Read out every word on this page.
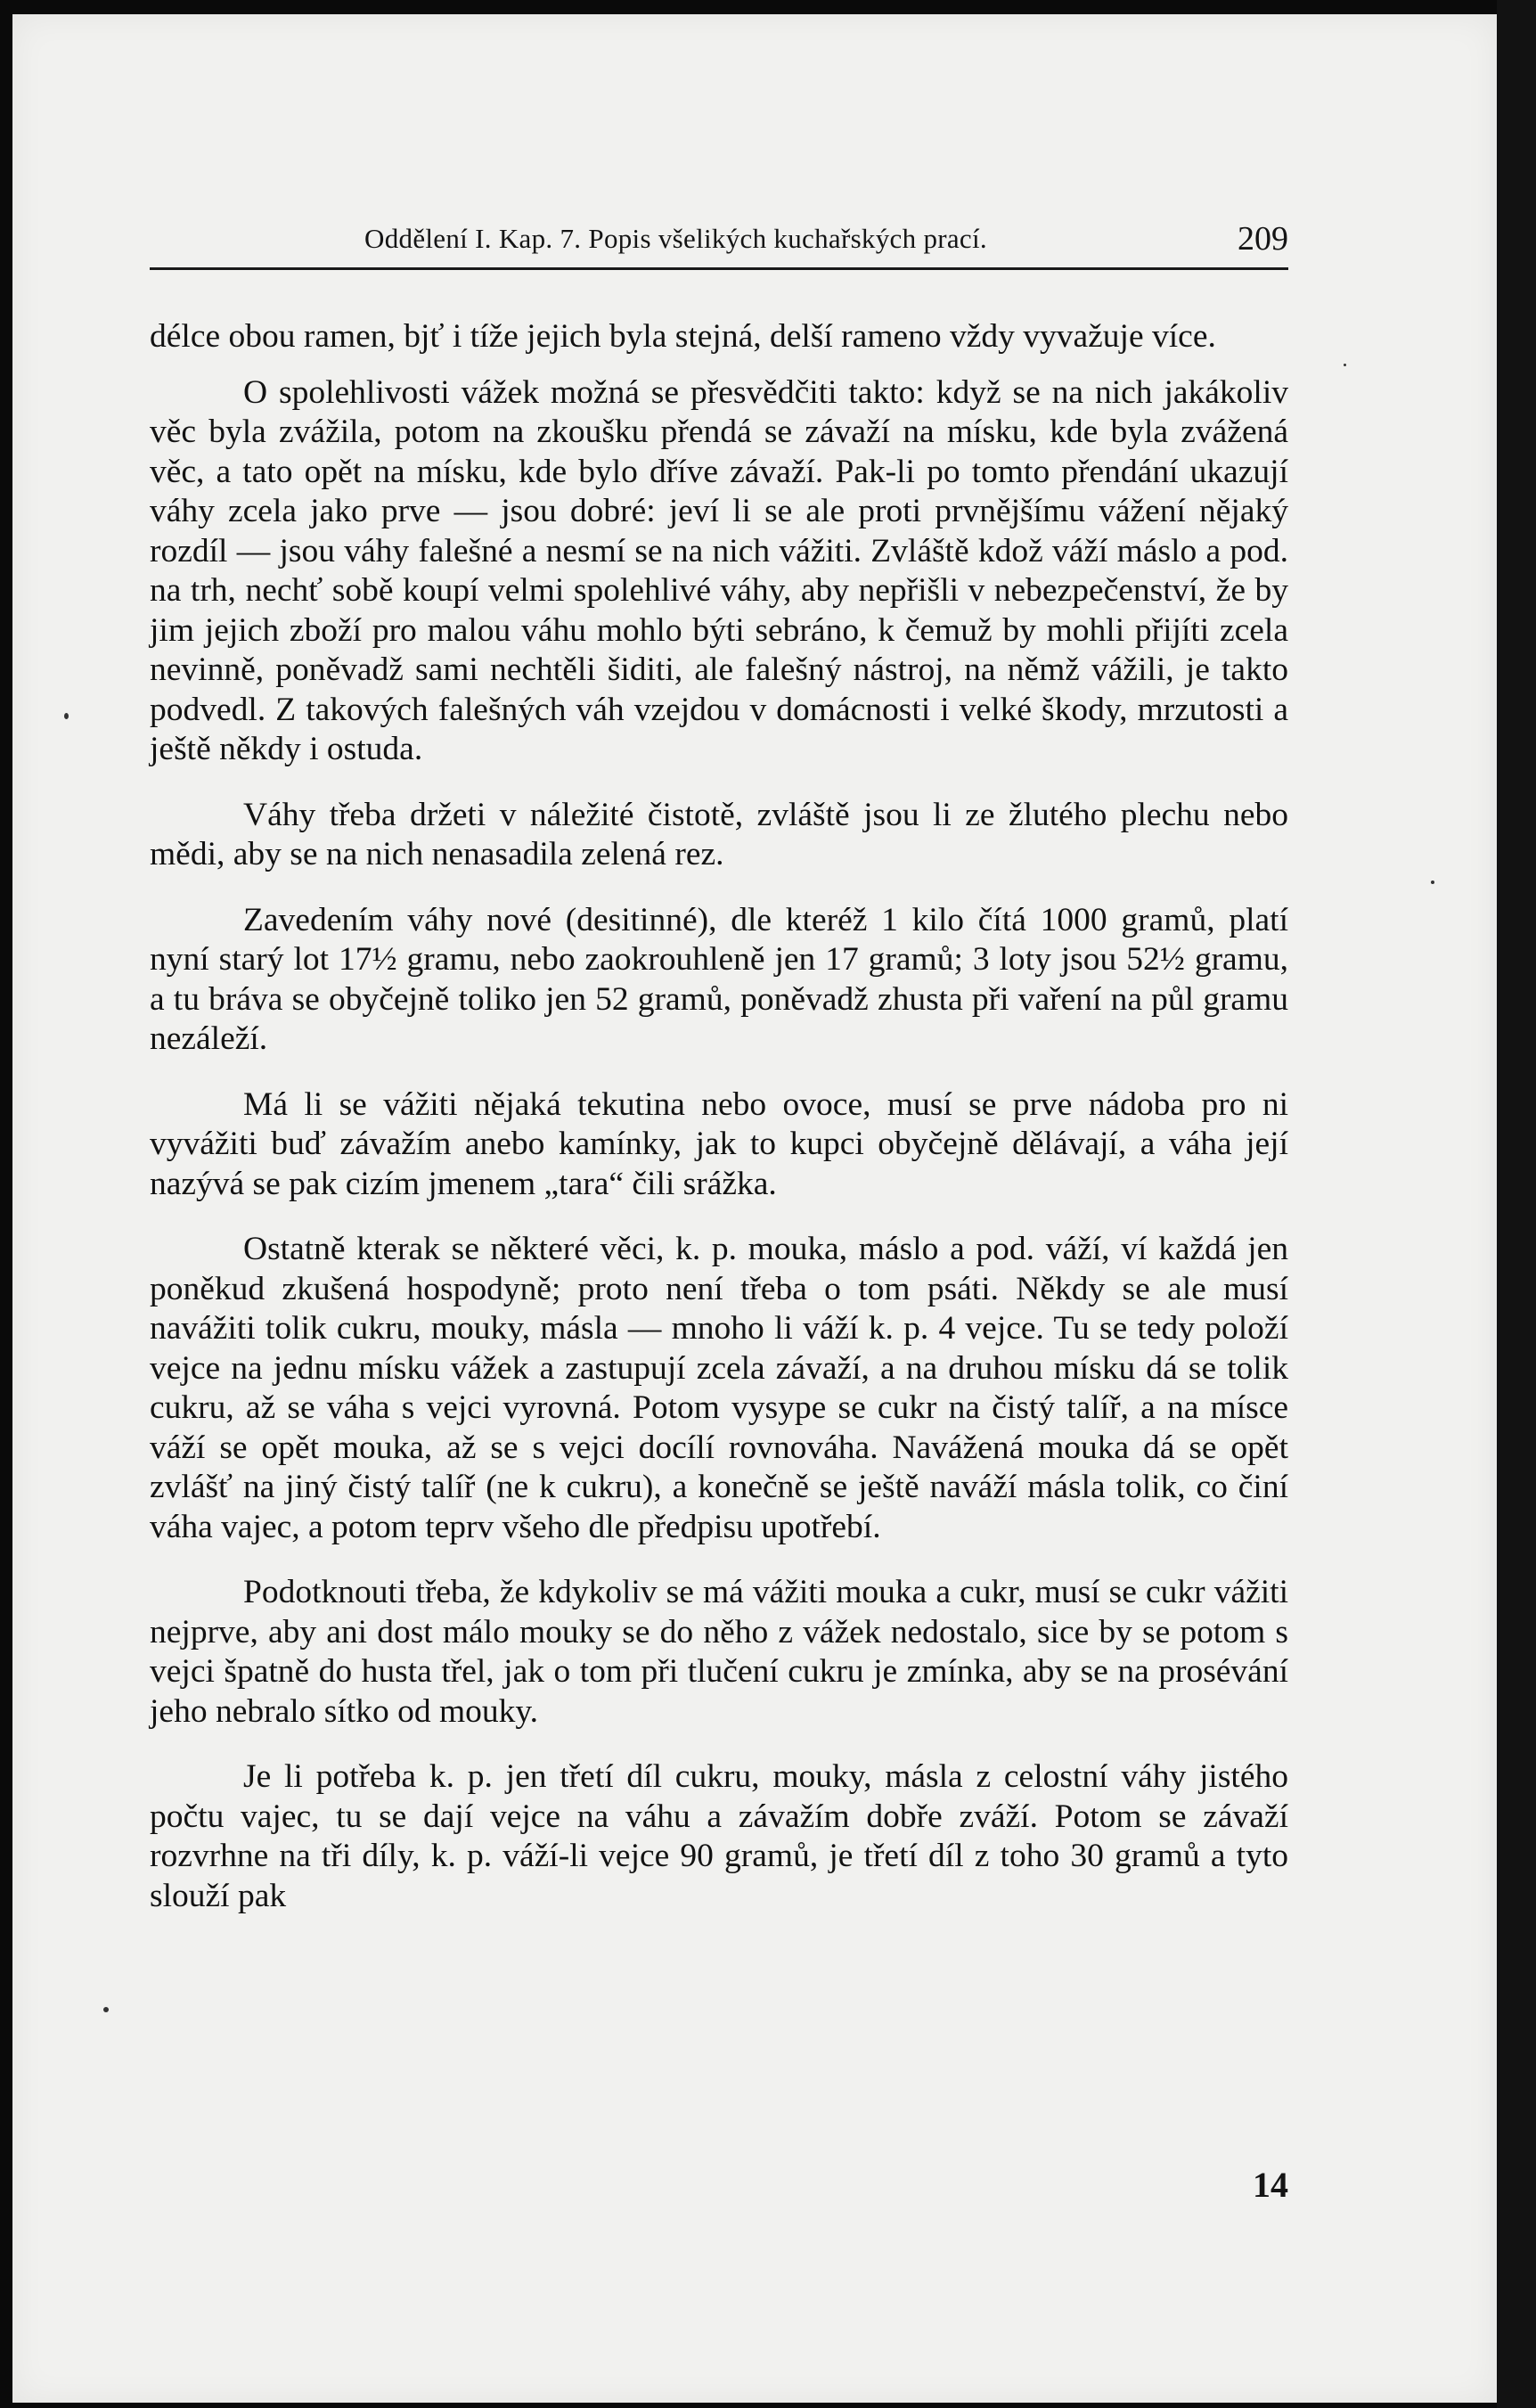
Oddělení I. Kap. 7. Popis všelikých kuchařských prací.	209

délce obou ramen, bjť i tíže jejich byla stejná, delší rameno vždy vyvažuje více.

O spolehlivosti vážek možná se přesvědčiti takto: když se na nich jakákoliv věc byla zvážila, potom na zkoušku přendá se závaží na mísku, kde byla zvážená věc, a tato opět na mísku, kde bylo dříve závaží. Pak-li po tomto přendání ukazují váhy zcela jako prve — jsou dobré: jeví li se ale proti prvnějšímu vážení nějaký rozdíl — jsou váhy falešné a nesmí se na nich vážiti. Zvláště kdož váží máslo a pod. na trh, nechť sobě koupí velmi spolehlivé váhy, aby nepřišli v nebezpečenství, že by jim jejich zboží pro malou váhu mohlo býti sebráno, k čemuž by mohli přijíti zcela nevinně, poněvadž sami nechtěli šiditi, ale falešný nástroj, na němž vážili, je takto podvedl. Z takových falešných váh vzejdou v domácnosti i velké škody, mrzutosti a ještě někdy i ostuda.

Váhy třeba držeti v náležité čistotě, zvláště jsou li ze žlutého plechu nebo mědi, aby se na nich nenasadila zelená rez.

Zavedením váhy nové (desitinné), dle kteréž 1 kilo čítá 1000 gramů, platí nyní starý lot 17½ gramu, nebo zaokrouhleně jen 17 gramů; 3 loty jsou 52½ gramu, a tu bráva se obyčejně toliko jen 52 gramů, poněvadž zhusta při vaření na půl gramu nezáleží.

Má li se vážiti nějaká tekutina nebo ovoce, musí se prve nádoba pro ni vyvážiti buď závažím anebo kamínky, jak to kupci obyčejně dělávají, a váha její nazývá se pak cizím jmenem „tara“ čili srážka.

Ostatně kterak se některé věci, k. p. mouka, máslo a pod. váží, ví každá jen poněkud zkušená hospodyně; proto není třeba o tom psáti. Někdy se ale musí navážiti tolik cukru, mouky, másla — mnoho li váží k. p. 4 vejce. Tu se tedy položí vejce na jednu mísku vážek a zastupují zcela závaží, a na druhou mísku dá se tolik cukru, až se váha s vejci vyrovná. Potom vysype se cukr na čistý talíř, a na mísce váží se opět mouka, až se s vejci docílí rovnováha. Navážená mouka dá se opět zvlášť na jiný čistý talíř (ne k cukru), a konečně se ještě naváží másla tolik, co činí váha vajec, a potom teprv všeho dle předpisu upotřebí.

Podotknouti třeba, že kdykoliv se má vážiti mouka a cukr, musí se cukr vážiti nejprve, aby ani dost málo mouky se do něho z vážek nedostalo, sice by se potom s vejci špatně do husta třel, jak o tom při tlučení cukru je zmínka, aby se na prosévání jeho nebralo sítko od mouky.

Je li potřeba k. p. jen třetí díl cukru, mouky, másla z celostní váhy jistého počtu vajec, tu se dají vejce na váhu a závažím dobře zváží. Potom se závaží rozvrhne na tři díly, k. p. váží-li vejce 90 gramů, je třetí díl z toho 30 gramů a tyto slouží pak

14
